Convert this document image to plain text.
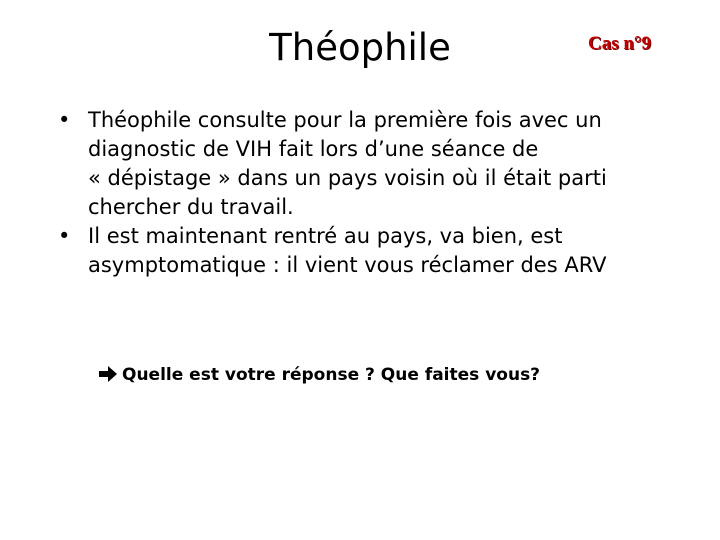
Théophile	Cas n°9
• Théophile consulte pour la première fois avec un
diagnostic de VIH fait lors d’une séance de
« dépistage » dans un pays voisin où il était parti
chercher du travail.
• Il est maintenant rentré au pays, va bien, est
asymptomatique : il vient vous réclamer des ARV
Quelle est votre réponse ? Que faites vous?
